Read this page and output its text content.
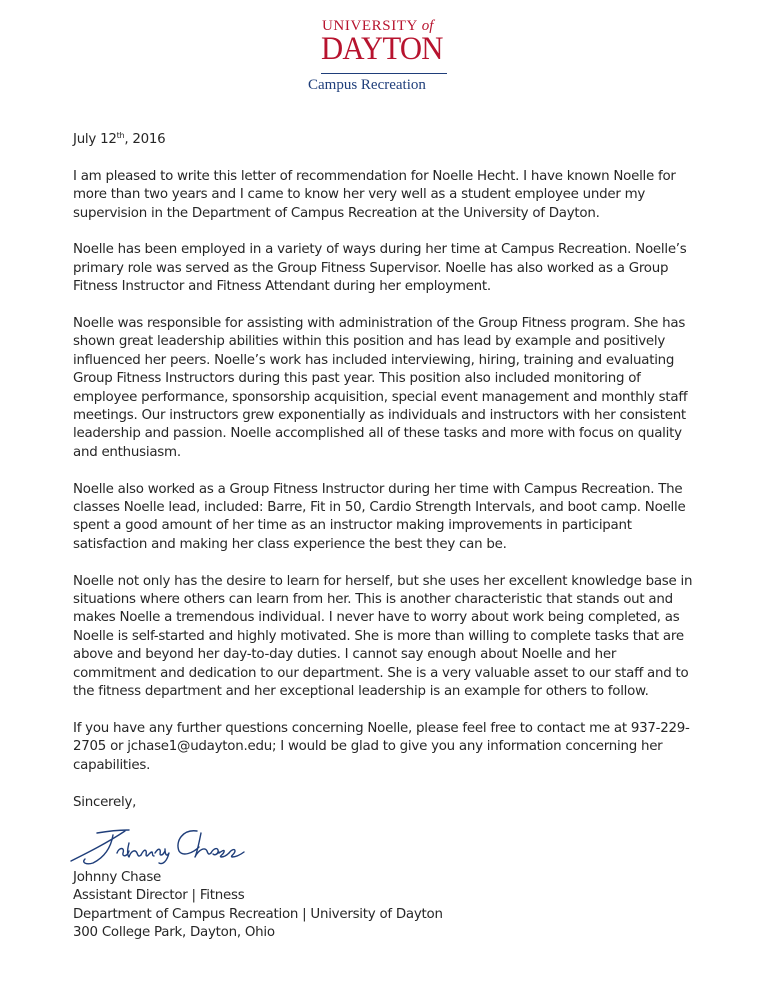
UNIVERSITY of
DAYTON
Campus Recreation

July 12th, 2016

I am pleased to write this letter of recommendation for Noelle Hecht. I have known Noelle for more than two years and I came to know her very well as a student employee under my supervision in the Department of Campus Recreation at the University of Dayton.

Noelle has been employed in a variety of ways during her time at Campus Recreation. Noelle’s primary role was served as the Group Fitness Supervisor. Noelle has also worked as a Group Fitness Instructor and Fitness Attendant during her employment.

Noelle was responsible for assisting with administration of the Group Fitness program. She has shown great leadership abilities within this position and has lead by example and positively influenced her peers. Noelle’s work has included interviewing, hiring, training and evaluating Group Fitness Instructors during this past year. This position also included monitoring of employee performance, sponsorship acquisition, special event management and monthly staff meetings. Our instructors grew exponentially as individuals and instructors with her consistent leadership and passion. Noelle accomplished all of these tasks and more with focus on quality and enthusiasm.

Noelle also worked as a Group Fitness Instructor during her time with Campus Recreation. The classes Noelle lead, included: Barre, Fit in 50, Cardio Strength Intervals, and boot camp. Noelle spent a good amount of her time as an instructor making improvements in participant satisfaction and making her class experience the best they can be.

Noelle not only has the desire to learn for herself, but she uses her excellent knowledge base in situations where others can learn from her. This is another characteristic that stands out and makes Noelle a tremendous individual. I never have to worry about work being completed, as Noelle is self-started and highly motivated. She is more than willing to complete tasks that are above and beyond her day-to-day duties. I cannot say enough about Noelle and her commitment and dedication to our department. She is a very valuable asset to our staff and to the fitness department and her exceptional leadership is an example for others to follow.

If you have any further questions concerning Noelle, please feel free to contact me at 937-229-2705 or jchase1@udayton.edu; I would be glad to give you any information concerning her capabilities.

Sincerely,

Johnny Chase

Assistant Director | Fitness

Department of Campus Recreation | University of Dayton

300 College Park, Dayton, Ohio
